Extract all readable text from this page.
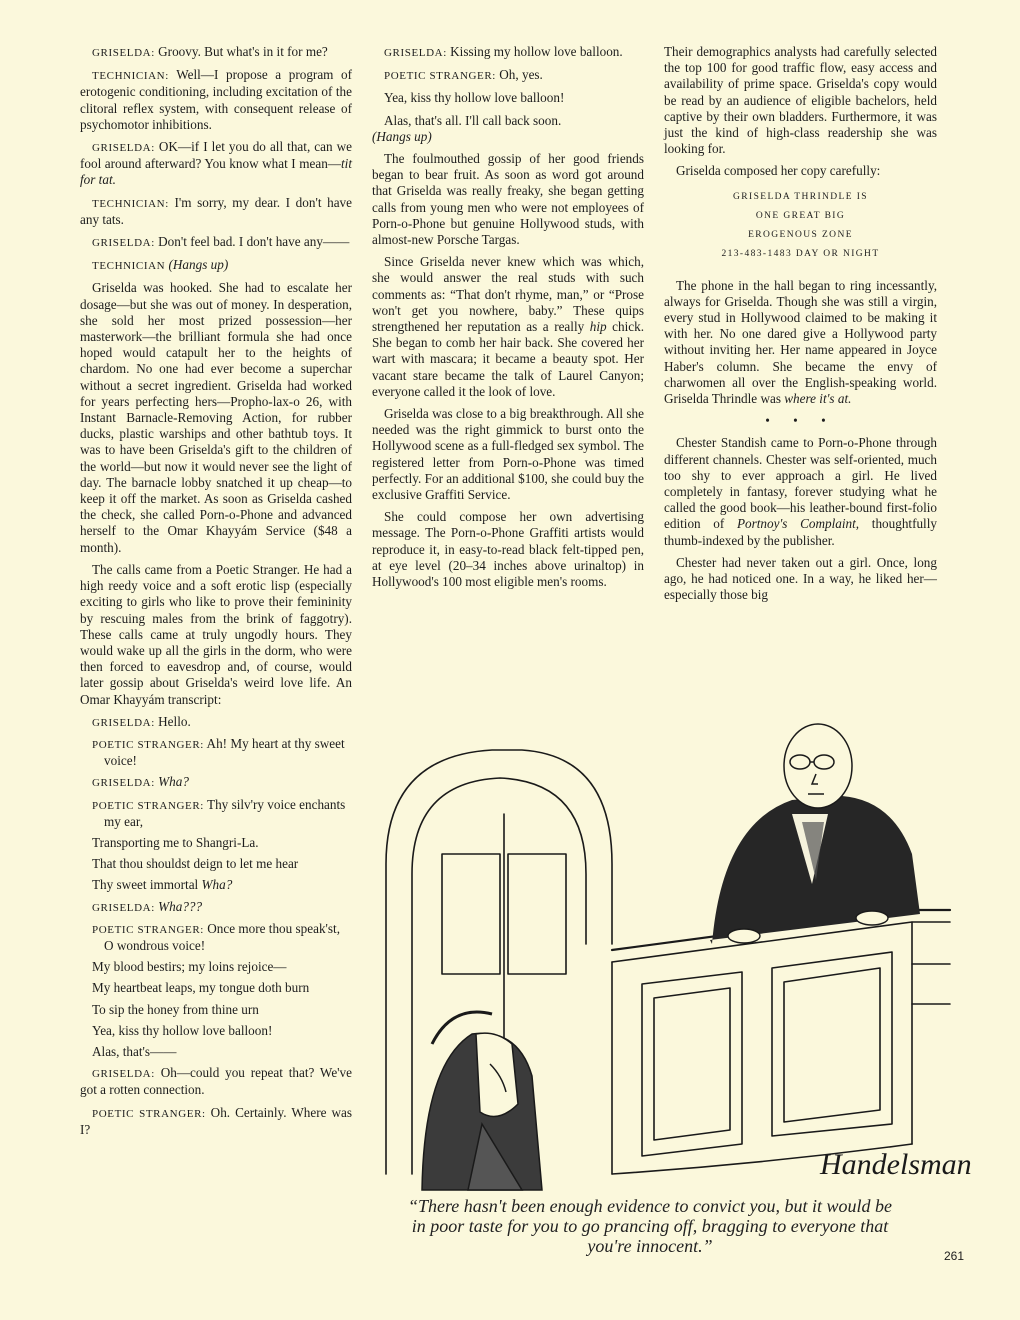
GRISELDA: Groovy. But what's in it for me?

TECHNICIAN: Well—I propose a program of erotogenic conditioning, including excitation of the clitoral reflex system, with consequent release of psychomotor inhibitions.

GRISELDA: OK—if I let you do all that, can we fool around afterward? You know what I mean—tit for tat.

TECHNICIAN: I'm sorry, my dear. I don't have any tats.

GRISELDA: Don't feel bad. I don't have any——

TECHNICIAN (Hangs up)

Griselda was hooked. She had to escalate her dosage—but she was out of money. In desperation, she sold her most prized possession—her masterwork—the brilliant formula she had once hoped would catapult her to the heights of chardom. No one had ever become a superchar without a secret ingredient. Griselda had worked for years perfecting hers—Propho-lax-o 26, with Instant Barnacle-Removing Action, for rubber ducks, plastic warships and other bathtub toys. It was to have been Griselda's gift to the children of the world—but now it would never see the light of day. The barnacle lobby snatched it up cheap—to keep it off the market. As soon as Griselda cashed the check, she called Porn-o-Phone and advanced herself to the Omar Khayyám Service ($48 a month).

The calls came from a Poetic Stranger. He had a high reedy voice and a soft erotic lisp (especially exciting to girls who like to prove their femininity by rescuing males from the brink of faggotry). These calls came at truly ungodly hours. They would wake up all the girls in the dorm, who were then forced to eavesdrop and, of course, would later gossip about Griselda's weird love life. An Omar Khayyám transcript:

GRISELDA: Hello.

POETIC STRANGER: Ah! My heart at thy sweet voice!

GRISELDA: Wha?

POETIC STRANGER: Thy silv'ry voice enchants my ear,

Transporting me to Shangri-La.

That thou shouldst deign to let me hear

Thy sweet immortal Wha?

GRISELDA: Wha???

POETIC STRANGER: Once more thou speak'st, O wondrous voice!

My blood bestirs; my loins rejoice—

My heartbeat leaps, my tongue doth burn

To sip the honey from thine urn

Yea, kiss thy hollow love balloon!

Alas, that's——

GRISELDA: Oh—could you repeat that? We've got a rotten connection.

POETIC STRANGER: Oh. Certainly. Where was I?

GRISELDA: Kissing my hollow love balloon.

POETIC STRANGER: Oh, yes.

Yea, kiss thy hollow love balloon!

Alas, that's all. I'll call back soon.
(Hangs up)

The foulmouthed gossip of her good friends began to bear fruit. As soon as word got around that Griselda was really freaky, she began getting calls from young men who were not employees of Porn-o-Phone but genuine Hollywood studs, with almost-new Porsche Targas.

Since Griselda never knew which was which, she would answer the real studs with such comments as: “That don't rhyme, man,” or “Prose won't get you nowhere, baby.” These quips strengthened her reputation as a really hip chick. She began to comb her hair back. She covered her wart with mascara; it became a beauty spot. Her vacant stare became the talk of Laurel Canyon; everyone called it the look of love.

Griselda was close to a big breakthrough. All she needed was the right gimmick to burst onto the Hollywood scene as a full-fledged sex symbol. The registered letter from Porn-o-Phone was timed perfectly. For an additional $100, she could buy the exclusive Graffiti Service.

She could compose her own advertising message. The Porn-o-Phone Graffiti artists would reproduce it, in easy-to-read black felt-tipped pen, at eye level (20–34 inches above urinaltop) in Hollywood's 100 most eligible men's rooms.

Their demographics analysts had carefully selected the top 100 for good traffic flow, easy access and availability of prime space. Griselda's copy would be read by an audience of eligible bachelors, held captive by their own bladders. Furthermore, it was just the kind of high-class readership she was looking for.

Griselda composed her copy carefully:

GRISELDA THRINDLE IS
ONE GREAT BIG
EROGENOUS ZONE
213-483-1483 DAY OR NIGHT

The phone in the hall began to ring incessantly, always for Griselda. Though she was still a virgin, every stud in Hollywood claimed to be making it with her. No one dared give a Hollywood party without inviting her. Her name appeared in Joyce Haber's column. She became the envy of charwomen all over the English-speaking world. Griselda Thrindle was where it's at.

• • •

Chester Standish came to Porn-o-Phone through different channels. Chester was self-oriented, much too shy to ever approach a girl. He lived completely in fantasy, forever studying what he called the good book—his leather-bound first-folio edition of Portnoy's Complaint, thoughtfully thumb-indexed by the publisher.

Chester had never taken out a girl. Once, long ago, he had noticed one. In a way, he liked her—especially those big

Handelsman
“There hasn't been enough evidence to convict you, but it would be in poor taste for you to go prancing off, bragging to everyone that you're innocent.”	261
